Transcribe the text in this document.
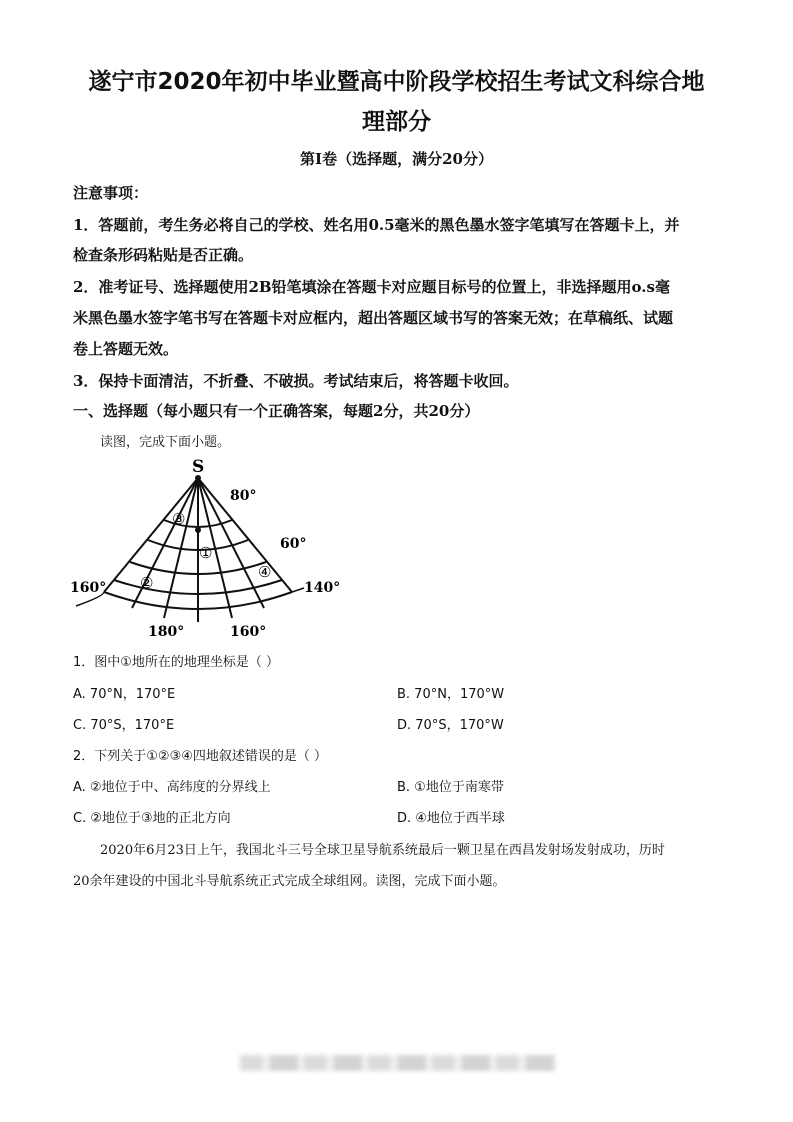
遂宁市2020年初中毕业暨高中阶段学校招生考试文科综合地
理部分
第Ⅰ卷（选择题，满分20分）
注意事项：
1．答题前，考生务必将自己的学校、姓名用0.5毫米的黑色墨水签字笔填写在答题卡上，并
检查条形码粘贴是否正确。
2．准考证号、选择题使用2B铅笔填涂在答题卡对应题目标号的位置上，非选择题用o.s毫
米黑色墨水签字笔书写在答题卡对应框内，超出答题区域书写的答案无效；在草稿纸、试题
卷上答题无效。
3．保持卡面清洁，不折叠、不破损。考试结束后，将答题卡收回。
一、选择题（每小题只有一个正确答案，每题2分，共20分）
读图，完成下面小题。
S
80°
60°
160°	140°
180°	160°
①
②
③
④
1．图中①地所在的地理坐标是（ ）
A. 70°N，170°E	B. 70°N，170°W
C. 70°S，170°E	D. 70°S，170°W
2．下列关于①②③④四地叙述错误的是（ ）
A. ②地位于中、高纬度的分界线上	B. ①地位于南寒带
C. ②地位于③地的正北方向	D. ④地位于西半球
2020年6月23日上午，我国北斗三号全球卫星导航系统最后一颗卫星在西昌发射场发射成功，历时
20余年建设的中国北斗导航系统正式完成全球组网。读图，完成下面小题。
